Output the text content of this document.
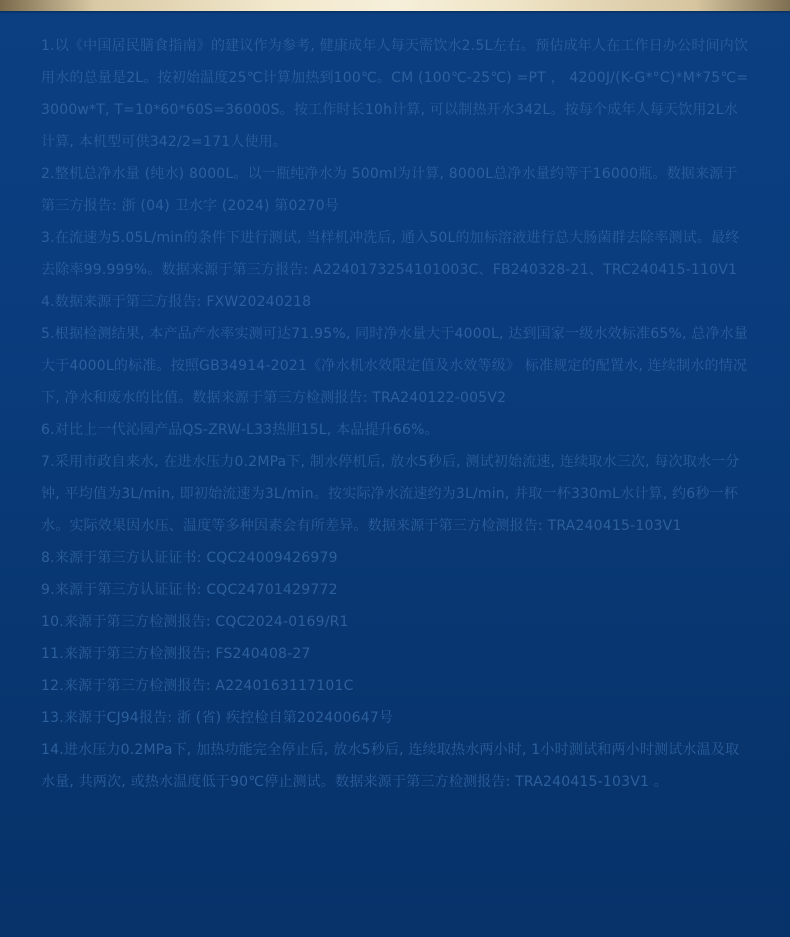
1.以《中国居民膳食指南》的建议作为参考, 健康成年人每天需饮水2.5L左右。预估成年人在工作日办公时间内饮用水的总量是2L。按初始温度25℃计算加热到100℃。CM (100℃-25℃) =PT ， 4200J/(K-G*°C)*M*75℃=3000w*T, T=10*60*60S=36000S。按工作时长10h计算, 可以制热开水342L。按每个成年人每天饮用2L水计算, 本机型可供342/2=171人使用。
2.整机总净水量 (纯水) 8000L。以一瓶纯净水为 500ml为计算, 8000L总净水量约等于16000瓶。数据来源于第三方报告: 浙 (04) 卫水字 (2024) 第0270号
3.在流速为5.05L/min的条件下进行测试, 当样机冲洗后, 通入50L的加标溶液进行总大肠菌群去除率测试。最终去除率99.999%。数据来源于第三方报告: A2240173254101003C、FB240328-21、TRC240415-110V1
4.数据来源于第三方报告: FXW20240218
5.根据检测结果, 本产品产水率实测可达71.95%, 同时净水量大于4000L, 达到国家一级水效标准65%, 总净水量大于4000L的标准。按照GB34914-2021《净水机水效限定值及水效等级》 标准规定的配置水, 连续制水的情况下, 净水和废水的比值。数据来源于第三方检测报告: TRA240122-005V2
6.对比上一代沁园产品QS-ZRW-L33热胆15L, 本品提升66%。
7.采用市政自来水, 在进水压力0.2MPa下, 制水停机后, 放水5秒后, 测试初始流速, 连续取水三次, 每次取水一分钟, 平均值为3L/min, 即初始流速为3L/min。按实际净水流速约为3L/min, 并取一杯330mL水计算, 约6秒一杯水。实际效果因水压、温度等多种因素会有所差异。数据来源于第三方检测报告: TRA240415-103V1
8.来源于第三方认证证书: CQC24009426979
9.来源于第三方认证证书: CQC24701429772
10.来源于第三方检测报告: CQC2024-0169/R1
11.来源于第三方检测报告: FS240408-27
12.来源于第三方检测报告: A2240163117101C
13.来源于CJ94报告: 浙 (省) 疾控检自第202400647号
14.进水压力0.2MPa下, 加热功能完全停止后, 放水5秒后, 连续取热水两小时, 1小时测试和两小时测试水温及取水量, 共两次, 或热水温度低于90℃停止测试。数据来源于第三方检测报告: TRA240415-103V1 。
